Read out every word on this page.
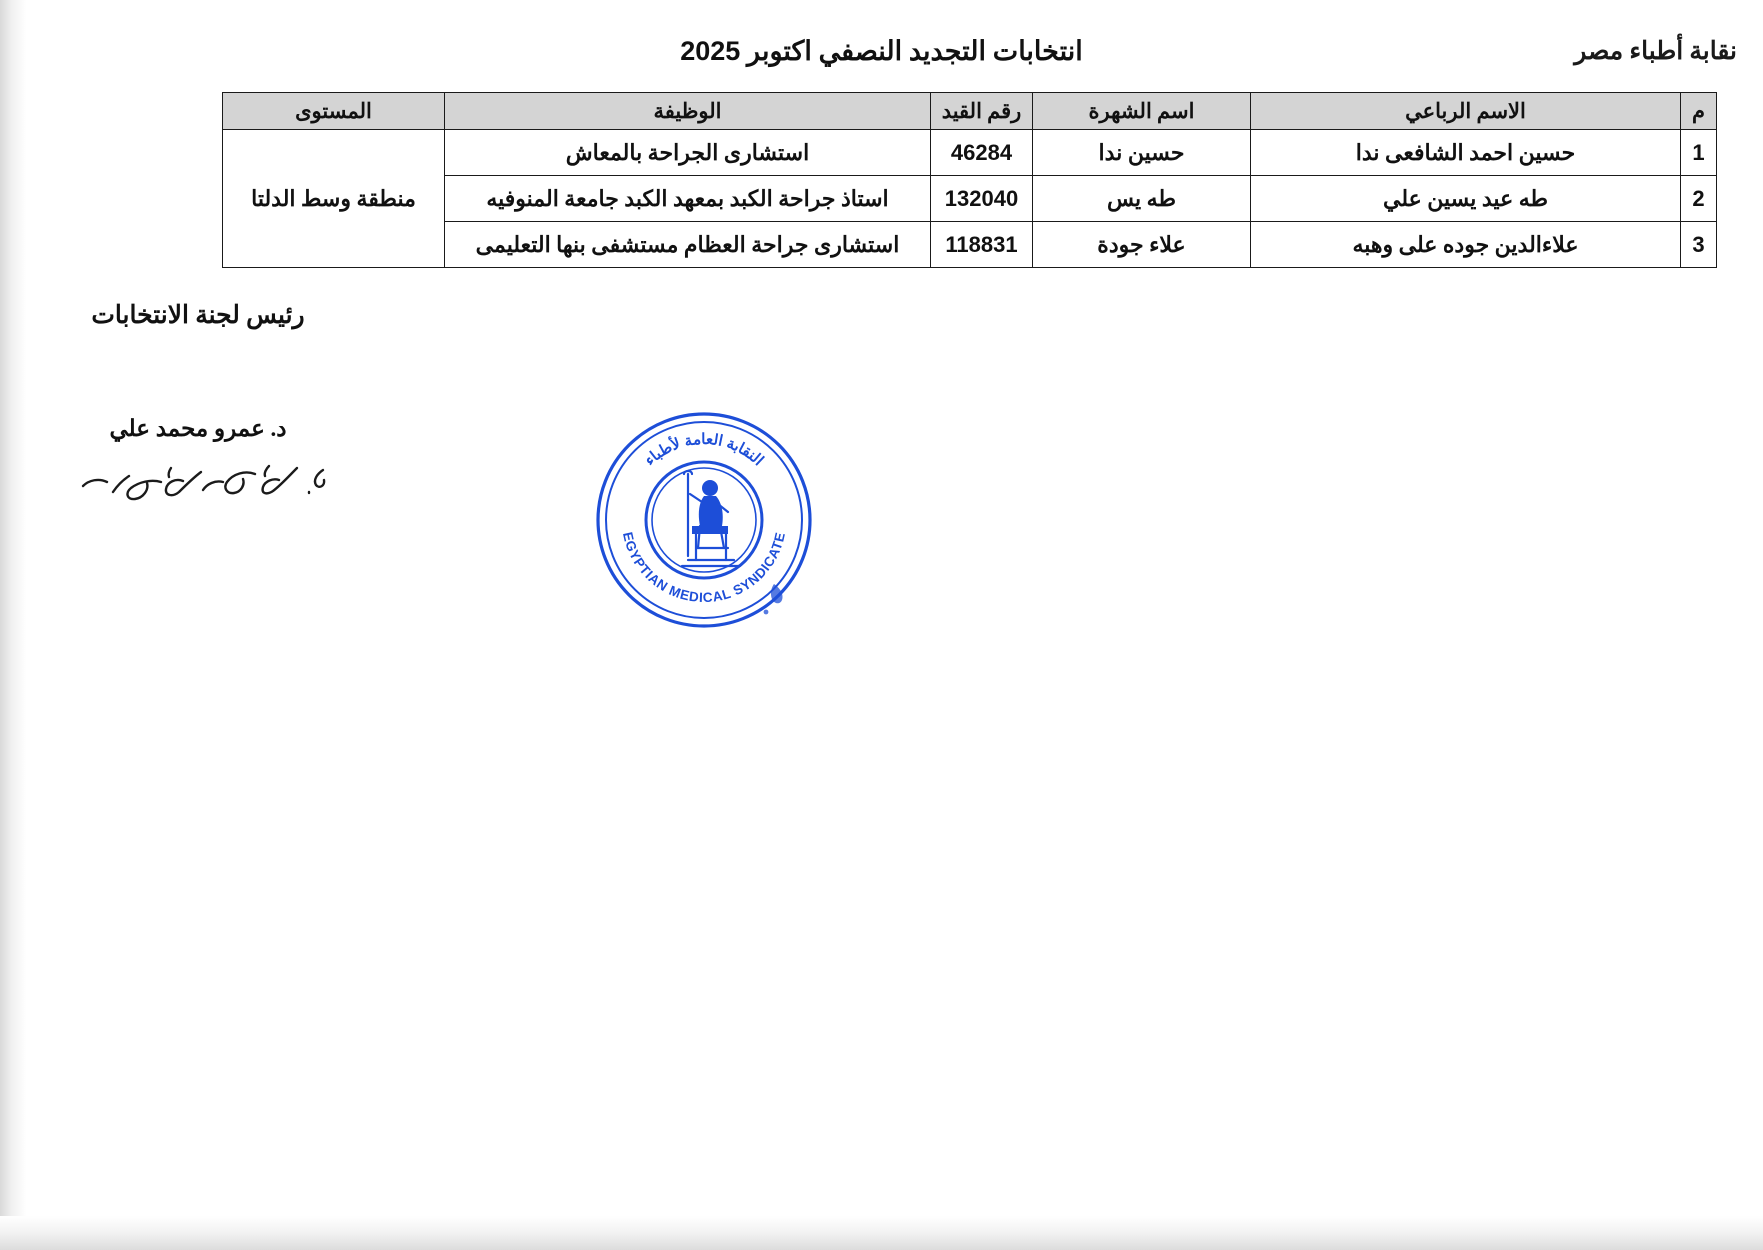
نقابة أطباء مصر
انتخابات التجديد النصفي اكتوبر 2025
م	الاسم الرباعي	اسم الشهرة	رقم القيد	الوظيفة	المستوى
1	حسين احمد الشافعى ندا	حسين ندا	46284	استشارى الجراحة بالمعاش	منطقة وسط الدلتا
2	طه عيد يسين علي	طه يس	132040	استاذ جراحة الكبد بمعهد الكبد جامعة المنوفيه	
3	علاءالدين جوده على وهبه	علاء جودة	118831	استشارى جراحة العظام مستشفى بنها التعليمى	
رئيس لجنة الانتخابات
د. عمرو محمد علي
النقابة العامة لأطباء
EGYPTIAN MEDICAL SYNDICATE
